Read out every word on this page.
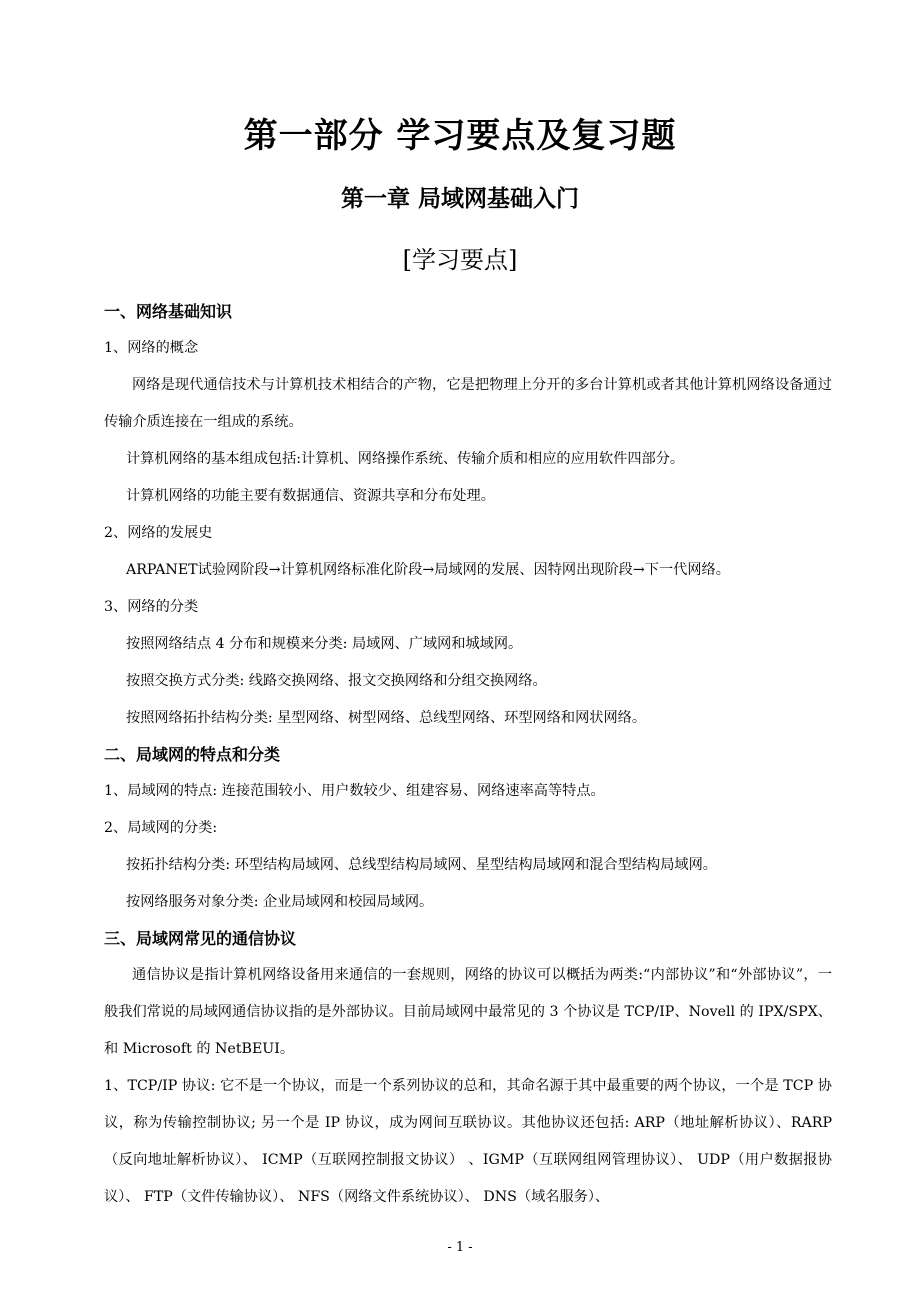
第一部分 学习要点及复习题
第一章 局域网基础入门
[学习要点]
一、网络基础知识
1、网络的概念

网络是现代通信技术与计算机技术相结合的产物，它是把物理上分开的多台计算机或者其他计算机网络设备通过传输介质连接在一组成的系统。

计算机网络的基本组成包括:计算机、网络操作系统、传输介质和相应的应用软件四部分。
计算机网络的功能主要有数据通信、资源共享和分布处理。
2、网络的发展史
ARPANET试验网阶段→计算机网络标准化阶段→局域网的发展、因特网出现阶段→下一代网络。
3、网络的分类
按照网络结点 4 分布和规模来分类: 局域网、广域网和城域网。
按照交换方式分类: 线路交换网络、报文交换网络和分组交换网络。
按照网络拓扑结构分类: 星型网络、树型网络、总线型网络、环型网络和网状网络。
二、局域网的特点和分类
1、局域网的特点: 连接范围较小、用户数较少、组建容易、网络速率高等特点。
2、局域网的分类:
按拓扑结构分类: 环型结构局域网、总线型结构局域网、星型结构局域网和混合型结构局域网。
按网络服务对象分类: 企业局域网和校园局域网。
三、局域网常见的通信协议

通信协议是指计算机网络设备用来通信的一套规则，网络的协议可以概括为两类:“内部协议”和“外部协议”，一般我们常说的局域网通信协议指的是外部协议。目前局域网中最常见的 3 个协议是 TCP/IP、Novell 的 IPX/SPX、和 Microsoft 的 NetBEUI。

1、TCP/IP 协议: 它不是一个协议，而是一个系列协议的总和，其命名源于其中最重要的两个协议，一个是 TCP 协议，称为传输控制协议; 另一个是 IP 协议，成为网间互联协议。其他协议还包括: ARP（地址解析协议）、RARP（反向地址解析协议）、 ICMP（互联网控制报文协议） 、IGMP（互联网组网管理协议）、 UDP（用户数据报协议）、 FTP（文件传输协议）、 NFS（网络文件系统协议）、 DNS（域名服务）、

- 1 -
